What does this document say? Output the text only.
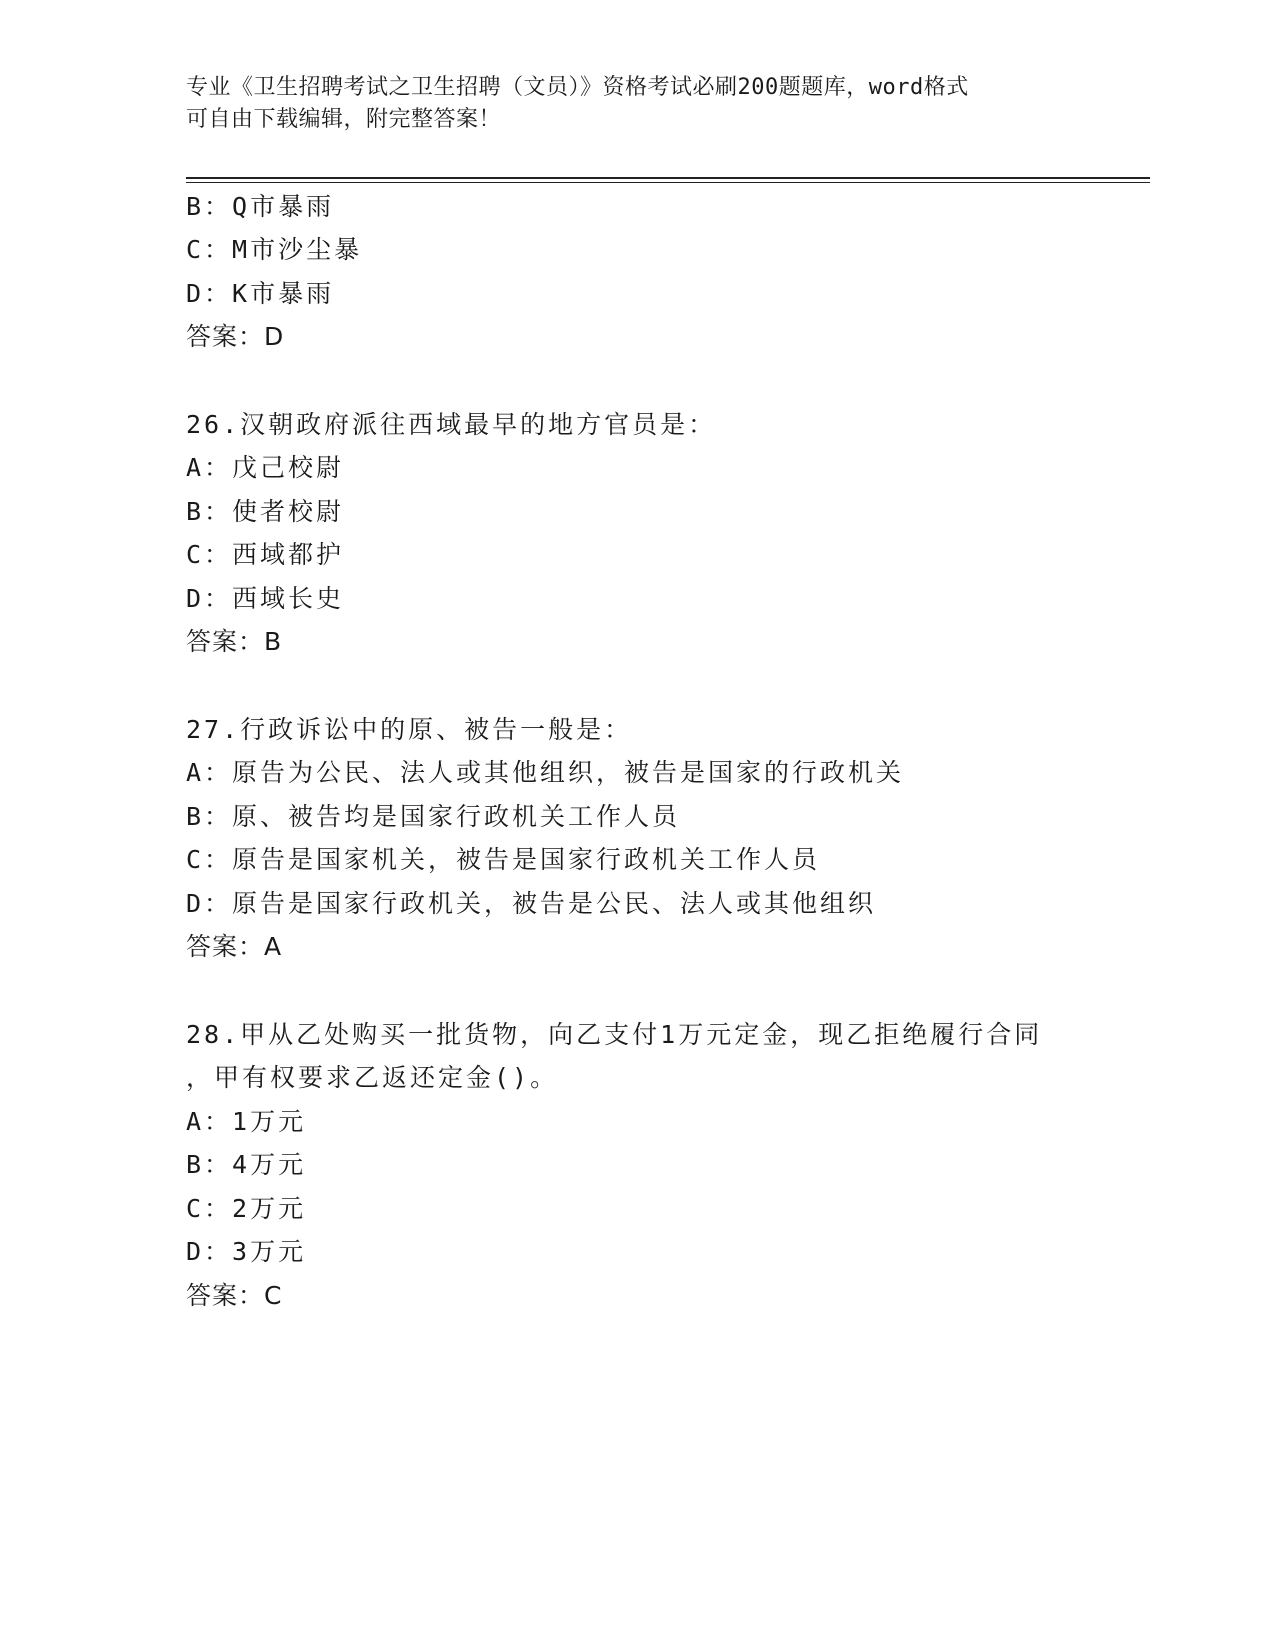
专业《卫生招聘考试之卫生招聘（文员）》资格考试必刷200题题库，word格式
可自由下载编辑，附完整答案！
B：Q市暴雨
C：M市沙尘暴
D：K市暴雨
答案：D
26.汉朝政府派往西域最早的地方官员是：
A：戊己校尉
B：使者校尉
C：西域都护
D：西域长史
答案：B
27.行政诉讼中的原、被告一般是：
A：原告为公民、法人或其他组织，被告是国家的行政机关
B：原、被告均是国家行政机关工作人员
C：原告是国家机关，被告是国家行政机关工作人员
D：原告是国家行政机关，被告是公民、法人或其他组织
答案：A
28.甲从乙处购买一批货物，向乙支付1万元定金，现乙拒绝履行合同
，甲有权要求乙返还定金()。
A：1万元
B：4万元
C：2万元
D：3万元
答案：C
